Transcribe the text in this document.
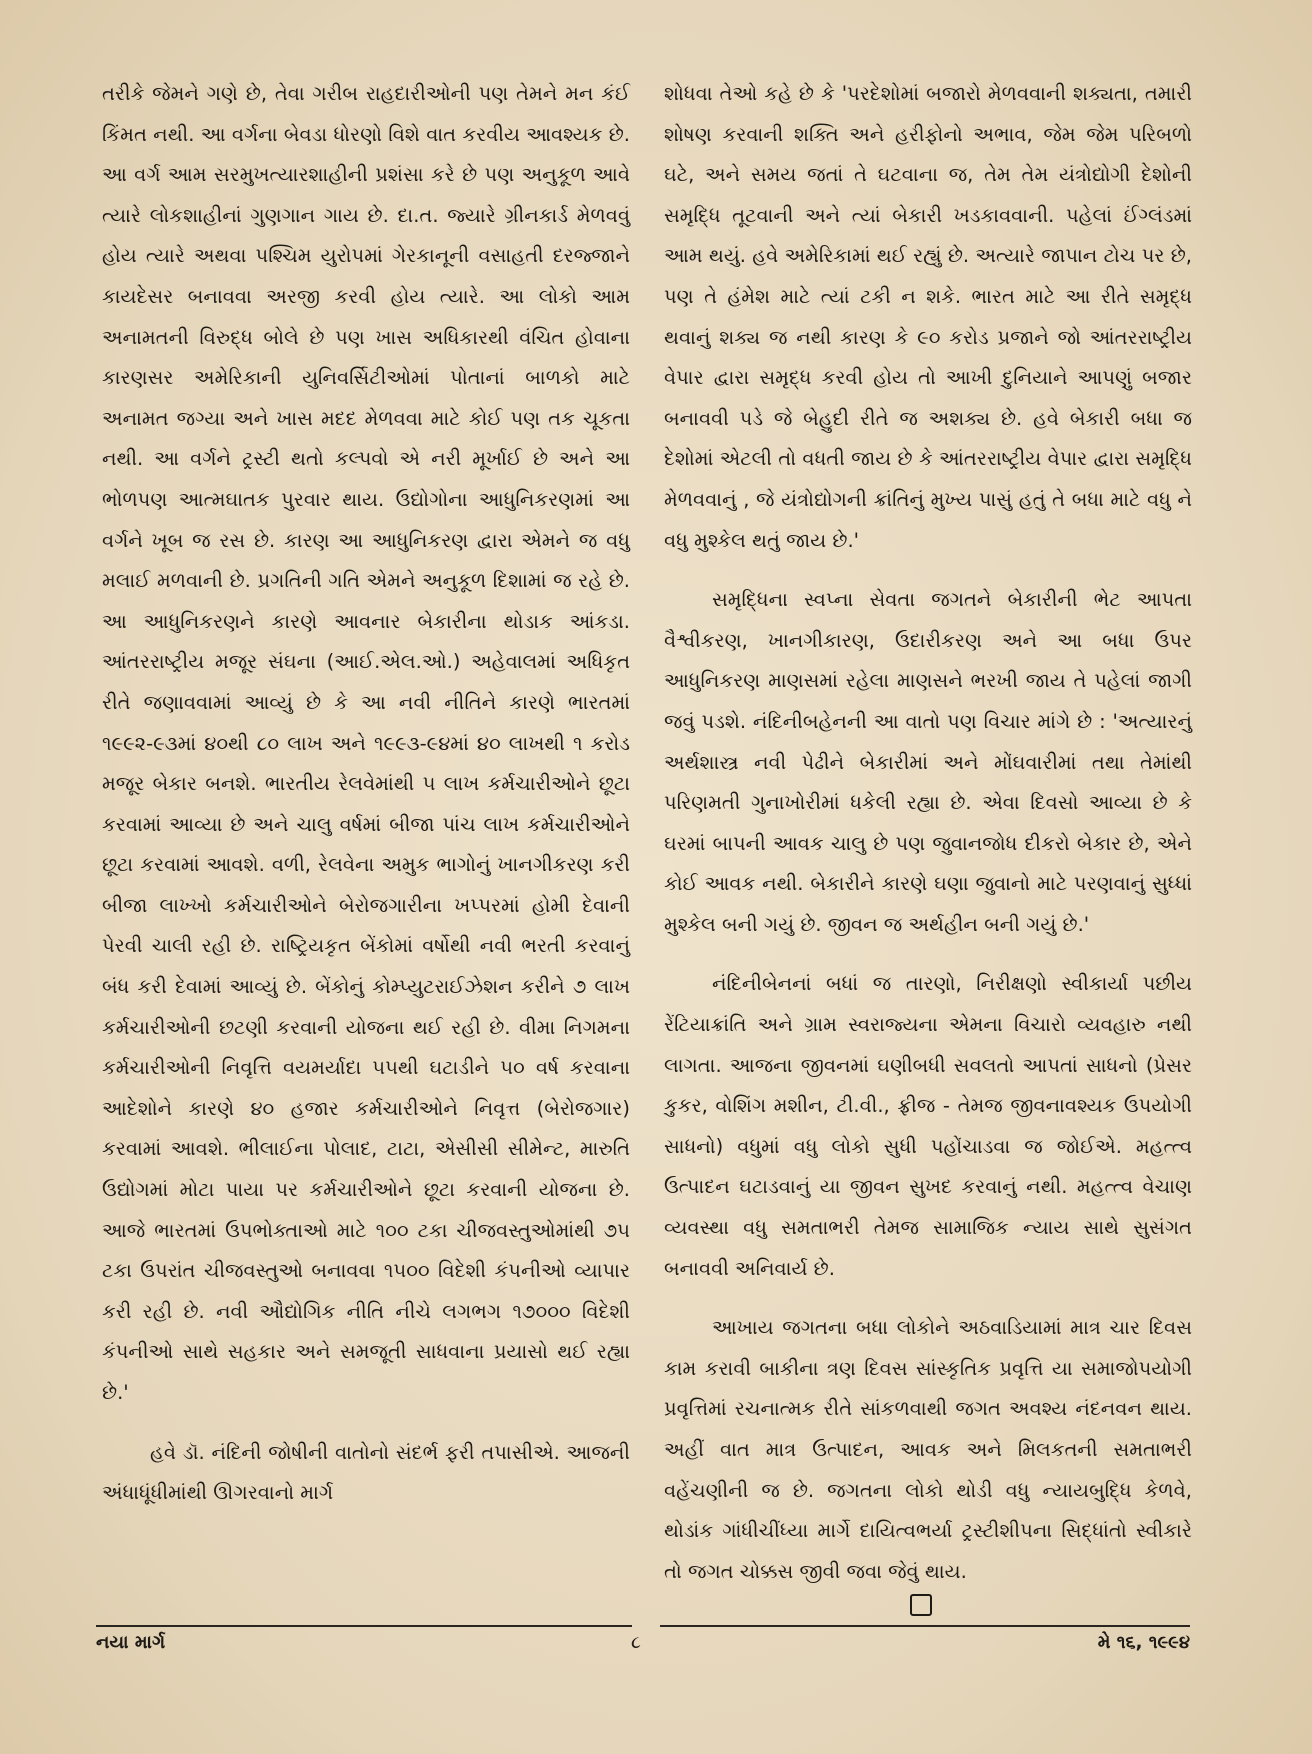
તરીકે જેમને ગણે છે, તેવા ગરીબ રાહદારીઓની પણ તેમને મન કંઈ કિંમત નથી. આ વર્ગના બેવડા ધોરણો વિશે વાત કરવીય આવશ્યક છે. આ વર્ગ આમ સરમુખત્યારશાહીની પ્રશંસા કરે છે પણ અનુકૂળ આવે ત્યારે લોકશાહીનાં ગુણગાન ગાય છે. દા.ત. જ્યારે ગ્રીનકાર્ડ મેળવવું હોય ત્યારે અથવા પશ્ચિમ યુરોપમાં ગેરકાનૂની વસાહતી દરજ્જાને કાયદેસર બનાવવા અરજી કરવી હોય ત્યારે. આ લોકો આમ અનામતની વિરુદ્ધ બોલે છે પણ ખાસ અધિકારથી વંચિત હોવાના કારણસર અમેરિકાની યુનિવર્સિટીઓમાં પોતાનાં બાળકો માટે અનામત જગ્યા અને ખાસ મદદ મેળવવા માટે કોઈ પણ તક ચૂકતા નથી. આ વર્ગને ટ્રસ્ટી થતો કલ્પવો એ નરી મૂર્ખાઈ છે અને આ ભોળપણ આત્મઘાતક પુરવાર થાય. ઉદ્યોગોના આધુનિકરણમાં આ વર્ગને ખૂબ જ રસ છે. કારણ આ આધુનિકરણ દ્વારા એમને જ વધુ મલાઈ મળવાની છે. પ્રગતિની ગતિ એમને અનુકૂળ દિશામાં જ રહે છે. આ આધુનિકરણને કારણે આવનાર બેકારીના થોડાક આંકડા. આંતરરાષ્ટ્રીય મજૂર સંઘના (આઈ.એલ.ઓ.) અહેવાલમાં અધિકૃત રીતે જણાવવામાં આવ્યું છે કે આ નવી નીતિને કારણે ભારતમાં ૧૯૯૨-૯૩માં ૪૦થી ૮૦ લાખ અને ૧૯૯૩-૯૪માં ૪૦ લાખથી ૧ કરોડ મજૂર બેકાર બનશે. ભારતીય રેલવેમાંથી ૫ લાખ કર્મચારીઓને છૂટા કરવામાં આવ્યા છે અને ચાલુ વર્ષમાં બીજા પાંચ લાખ કર્મચારીઓને છૂટા કરવામાં આવશે. વળી, રેલવેના અમુક ભાગોનું ખાનગીકરણ કરી બીજા લાખ્ખો કર્મચારીઓને બેરોજગારીના ખપ્પરમાં હોમી દેવાની પેરવી ચાલી રહી છે. રાષ્ટ્રિયકૃત બેંકોમાં વર્ષોથી નવી ભરતી કરવાનું બંધ કરી દેવામાં આવ્યું છે. બેંકોનું કોમ્પ્યુટરાઈઝેશન કરીને ૭ લાખ કર્મચારીઓની છટણી કરવાની યોજના થઈ રહી છે. વીમા નિગમના કર્મચારીઓની નિવૃત્તિ વયમર્યાદા ૫૫થી ઘટાડીને ૫૦ વર્ષ કરવાના આદેશોને કારણે ૪૦ હજાર કર્મચારીઓને નિવૃત્ત (બેરોજગાર) કરવામાં આવશે. ભીલાઈના પોલાદ, ટાટા, એસીસી સીમેન્ટ, મારુતિ ઉદ્યોગમાં મોટા પાયા પર કર્મચારીઓને છૂટા કરવાની યોજના છે. આજે ભારતમાં ઉપભોક્તાઓ માટે ૧૦૦ ટકા ચીજવસ્તુઓમાંથી ૭૫ ટકા ઉપરાંત ચીજવસ્તુઓ બનાવવા ૧૫૦૦ વિદેશી કંપનીઓ વ્યાપાર કરી રહી છે. નવી ઔદ્યોગિક નીતિ નીચે લગભગ ૧૭૦૦૦ વિદેશી કંપનીઓ સાથે સહકાર અને સમજૂતી સાધવાના પ્રયાસો થઈ રહ્યા છે.'

હવે ડૉ. નંદિની જોષીની વાતોનો સંદર્ભ ફરી તપાસીએ. આજની અંધાધૂંધીમાંથી ઊગરવાનો માર્ગ

શોધવા તેઓ કહે છે કે 'પરદેશોમાં બજારો મેળવવાની શક્યતા, તમારી શોષણ કરવાની શક્તિ અને હરીફોનો અભાવ, જેમ જેમ પરિબળો ઘટે, અને સમય જતાં તે ઘટવાના જ, તેમ તેમ યંત્રોદ્યોગી દેશોની સમૃદ્ધિ તૂટવાની અને ત્યાં બેકારી ખડકાવવાની. પહેલાં ઈંગ્લંડમાં આમ થયું. હવે અમેરિકામાં થઈ રહ્યું છે. અત્યારે જાપાન ટોચ પર છે, પણ તે હંમેશ માટે ત્યાં ટકી ન શકે. ભારત માટે આ રીતે સમૃદ્ધ થવાનું શક્ય જ નથી કારણ કે ૯૦ કરોડ પ્રજાને જો આંતરરાષ્ટ્રીય વેપાર દ્વારા સમૃદ્ધ કરવી હોય તો આખી દુનિયાને આપણું બજાર બનાવવી પડે જે બેહુદી રીતે જ અશક્ય છે. હવે બેકારી બધા જ દેશોમાં એટલી તો વધતી જાય છે કે આંતરરાષ્ટ્રીય વેપાર દ્વારા સમૃદ્ધિ મેળવવાનું , જે યંત્રોદ્યોગની ક્રાંતિનું મુખ્ય પાસું હતું તે બધા માટે વધુ ને વધુ મુશ્કેલ થતું જાય છે.'

સમૃદ્ધિના સ્વપ્ના સેવતા જગતને બેકારીની ભેટ આપતા વૈશ્વીકરણ, ખાનગીકારણ, ઉદારીકરણ અને આ બધા ઉપર આધુનિકરણ માણસમાં રહેલા માણસને ભરખી જાય તે પહેલાં જાગી જવું પડશે. નંદિનીબહેનની આ વાતો પણ વિચાર માંગે છે : 'અત્યારનું અર્થશાસ્ત્ર નવી પેઢીને બેકારીમાં અને મોંઘવારીમાં તથા તેમાંથી પરિણમતી ગુનાખોરીમાં ધકેલી રહ્યા છે. એવા દિવસો આવ્યા છે કે ઘરમાં બાપની આવક ચાલુ છે પણ જુવાનજોધ દીકરો બેકાર છે, એને કોઈ આવક નથી. બેકારીને કારણે ઘણા જુવાનો માટે પરણવાનું સુધ્ધાં મુશ્કેલ બની ગયું છે. જીવન જ અર્થહીન બની ગયું છે.'

નંદિનીબેનનાં બધાં જ તારણો, નિરીક્ષણો સ્વીકાર્યા પછીય રેંટિયાક્રાંતિ અને ગ્રામ સ્વરાજ્યના એમના વિચારો વ્યવહારુ નથી લાગતા. આજના જીવનમાં ઘણીબધી સવલતો આપતાં સાધનો (પ્રેસર કુકર, વોશિંગ મશીન, ટી.વી., ફ્રીજ - તેમજ જીવનાવશ્યક ઉપયોગી સાધનો) વધુમાં વધુ લોકો સુધી પહોંચાડવા જ જોઈએ. મહત્ત્વ ઉત્પાદન ઘટાડવાનું યા જીવન સુખદ કરવાનું નથી. મહત્ત્વ વેચાણ વ્યવસ્થા વધુ સમતાભરી તેમજ સામાજિક ન્યાય સાથે સુસંગત બનાવવી અનિવાર્ય છે.

આખાય જગતના બધા લોકોને અઠવાડિયામાં માત્ર ચાર દિવસ કામ કરાવી બાકીના ત્રણ દિવસ સાંસ્કૃતિક પ્રવૃત્તિ યા સમાજોપયોગી પ્રવૃત્તિમાં રચનાત્મક રીતે સાંકળવાથી જગત અવશ્ય નંદનવન થાય. અહીં વાત માત્ર ઉત્પાદન, આવક અને મિલકતની સમતાભરી વહેંચણીની જ છે. જગતના લોકો થોડી વધુ ન્યાયબુદ્ધિ કેળવે, થોડાંક ગાંધીચીંધ્યા માર્ગે દાયિત્વભર્યા ટ્રસ્ટીશીપના સિદ્ધાંતો સ્વીકારે તો જગત ચોક્કસ જીવી જવા જેવું થાય.

નયા માર્ગ	૮	મે ૧૬, ૧૯૯૪
